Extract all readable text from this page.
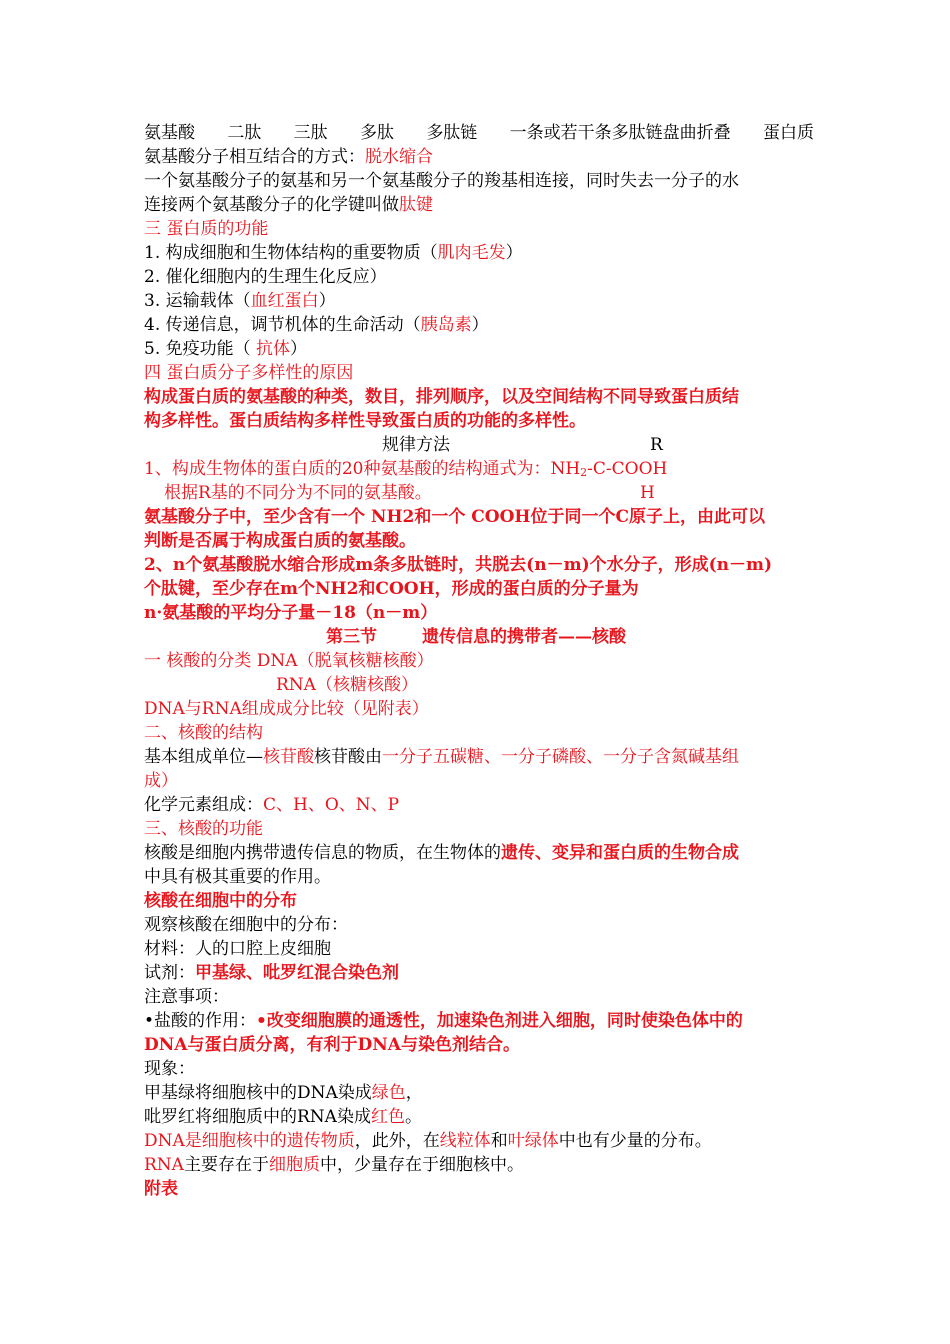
氨基酸 二肽 三肽 多肽 多肽链 一条或若干条多肽链盘曲折叠 蛋白质
氨基酸分子相互结合的方式：脱水缩合
一个氨基酸分子的氨基和另一个氨基酸分子的羧基相连接，同时失去一分子的水
连接两个氨基酸分子的化学键叫做肽键
三 蛋白质的功能
1. 构成细胞和生物体结构的重要物质（肌肉毛发）
2. 催化细胞内的生理生化反应）
3. 运输载体（血红蛋白）
4. 传递信息，调节机体的生命活动（胰岛素）
5. 免疫功能（ 抗体）
四 蛋白质分子多样性的原因
构成蛋白质的氨基酸的种类，数目，排列顺序，以及空间结构不同导致蛋白质结
构多样性。蛋白质结构多样性导致蛋白质的功能的多样性。
规律方法	R
1、构成生物体的蛋白质的20种氨基酸的结构通式为：$NH_2-C$-COOH
根据R基的不同分为不同的氨基酸。	H
氨基酸分子中，至少含有一个 NH2和一个 COOH位于同一个C原子上，由此可以
判断是否属于构成蛋白质的氨基酸。
2、n个氨基酸脱水缩合形成m条多肽链时，共脱去(n－m)个水分子，形成(n－m)
个肽键，至少存在m个NH2和COOH，形成的蛋白质的分子量为
n·氨基酸的平均分子量－18（n－m）
第三节	遗传信息的携带者——核酸
一 核酸的分类 DNA（脱氧核糖核酸）
RNA（核糖核酸）
DNA与RNA组成成分比较（见附表）
二、核酸的结构
基本组成单位—核苷酸核苷酸由一分子五碳糖、一分子磷酸、一分子含氮碱基组
成）
化学元素组成：C、H、O、N、P
三、核酸的功能
核酸是细胞内携带遗传信息的物质，在生物体的遗传、变异和蛋白质的生物合成
中具有极其重要的作用。
核酸在细胞中的分布
观察核酸在细胞中的分布：
材料：人的口腔上皮细胞
试剂：甲基绿、吡罗红混合染色剂
注意事项：
•盐酸的作用：•改变细胞膜的通透性，加速染色剂进入细胞，同时使染色体中的
DNA与蛋白质分离，有利于DNA与染色剂结合。
现象：
甲基绿将细胞核中的DNA染成绿色，
吡罗红将细胞质中的RNA染成红色。
DNA是细胞核中的遗传物质，此外，在线粒体和叶绿体中也有少量的分布。
RNA主要存在于细胞质中，少量存在于细胞核中。
附表
